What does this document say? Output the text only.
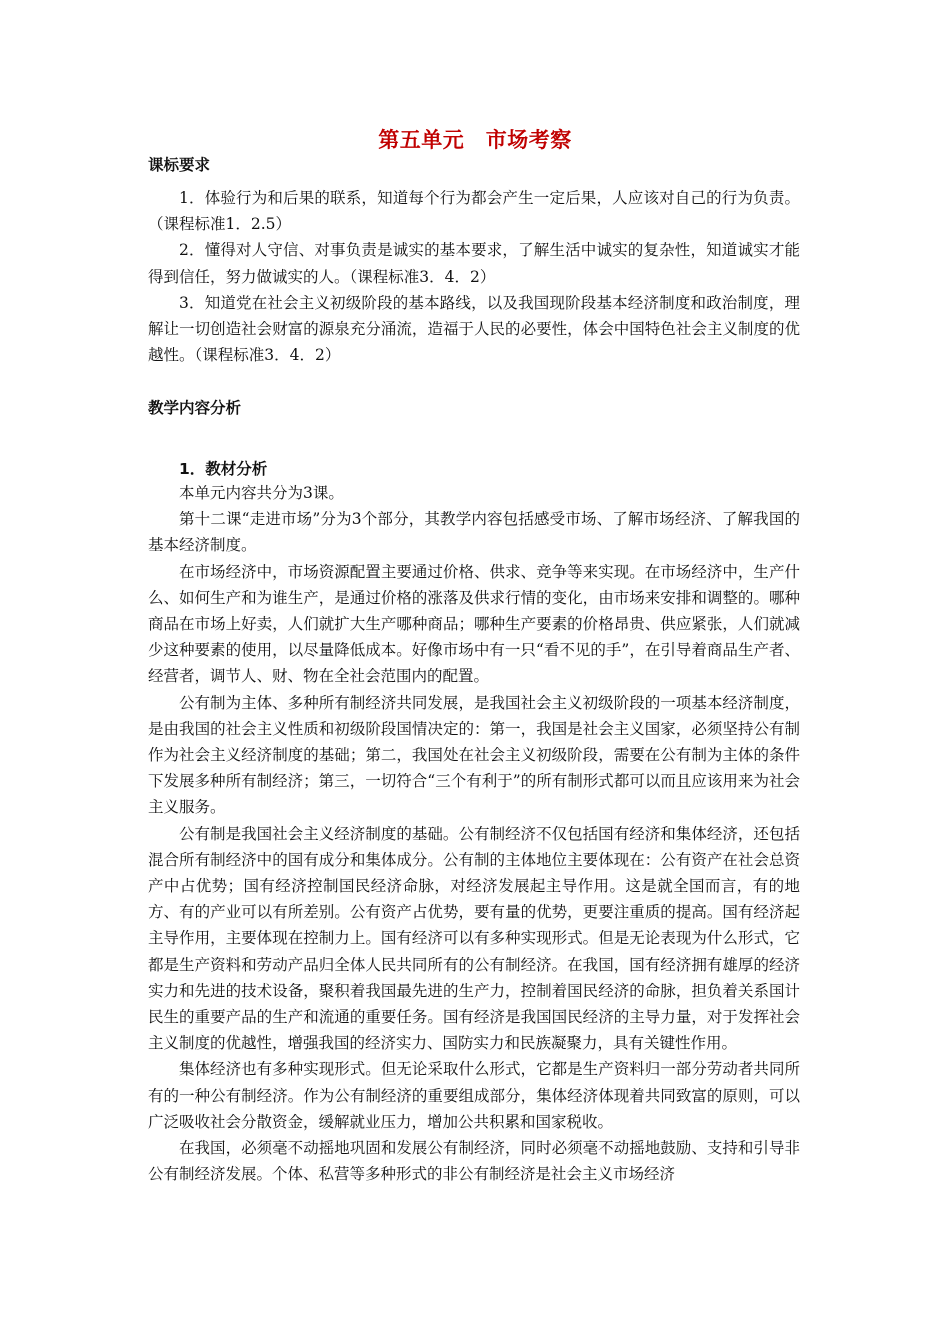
第五单元　市场考察
课标要求

1．体验行为和后果的联系，知道每个行为都会产生一定后果，人应该对自己的行为负责。（课程标准1．2.5）

2．懂得对人守信、对事负责是诚实的基本要求，了解生活中诚实的复杂性，知道诚实才能得到信任，努力做诚实的人。（课程标准3．4．2）

3．知道党在社会主义初级阶段的基本路线，以及我国现阶段基本经济制度和政治制度，理解让一切创造社会财富的源泉充分涌流，造福于人民的必要性，体会中国特色社会主义制度的优越性。（课程标准3．4．2）

教学内容分析
1．教材分析

本单元内容共分为3课。

第十二课“走进市场”分为3个部分，其教学内容包括感受市场、了解市场经济、了解我国的基本经济制度。

在市场经济中，市场资源配置主要通过价格、供求、竞争等来实现。在市场经济中，生产什么、如何生产和为谁生产，是通过价格的涨落及供求行情的变化，由市场来安排和调整的。哪种商品在市场上好卖，人们就扩大生产哪种商品；哪种生产要素的价格昂贵、供应紧张，人们就减少这种要素的使用，以尽量降低成本。好像市场中有一只“看不见的手”，在引导着商品生产者、经营者，调节人、财、物在全社会范围内的配置。

公有制为主体、多种所有制经济共同发展，是我国社会主义初级阶段的一项基本经济制度，是由我国的社会主义性质和初级阶段国情决定的：第一，我国是社会主义国家，必须坚持公有制作为社会主义经济制度的基础；第二，我国处在社会主义初级阶段，需要在公有制为主体的条件下发展多种所有制经济；第三，一切符合“三个有利于”的所有制形式都可以而且应该用来为社会主义服务。

公有制是我国社会主义经济制度的基础。公有制经济不仅包括国有经济和集体经济，还包括混合所有制经济中的国有成分和集体成分。公有制的主体地位主要体现在：公有资产在社会总资产中占优势；国有经济控制国民经济命脉，对经济发展起主导作用。这是就全国而言，有的地方、有的产业可以有所差别。公有资产占优势，要有量的优势，更要注重质的提高。国有经济起主导作用，主要体现在控制力上。国有经济可以有多种实现形式。但是无论表现为什么形式，它都是生产资料和劳动产品归全体人民共同所有的公有制经济。在我国，国有经济拥有雄厚的经济实力和先进的技术设备，聚积着我国最先进的生产力，控制着国民经济的命脉，担负着关系国计民生的重要产品的生产和流通的重要任务。国有经济是我国国民经济的主导力量，对于发挥社会主义制度的优越性，增强我国的经济实力、国防实力和民族凝聚力，具有关键性作用。

集体经济也有多种实现形式。但无论采取什么形式，它都是生产资料归一部分劳动者共同所有的一种公有制经济。作为公有制经济的重要组成部分，集体经济体现着共同致富的原则，可以广泛吸收社会分散资金，缓解就业压力，增加公共积累和国家税收。

在我国，必须毫不动摇地巩固和发展公有制经济，同时必须毫不动摇地鼓励、支持和引导非公有制经济发展。个体、私营等多种形式的非公有制经济是社会主义市场经济
